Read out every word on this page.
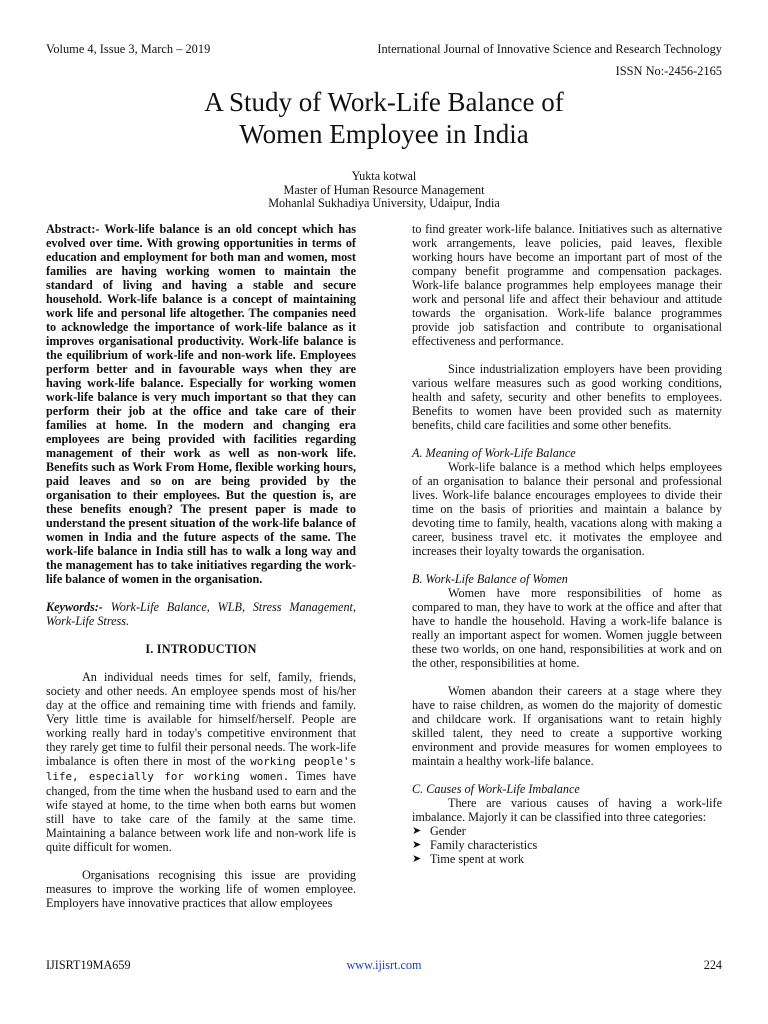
Volume 4, Issue 3, March – 2019	International Journal of Innovative Science and Research Technology
ISSN No:-2456-2165
A Study of Work-Life Balance of
Women Employee in India
Yukta kotwal
Master of Human Resource Management
Mohanlal Sukhadiya University, Udaipur, India

Abstract:- Work-life balance is an old concept which has evolved over time. With growing opportunities in terms of education and employment for both man and women, most families are having working women to maintain the standard of living and having a stable and secure household. Work-life balance is a concept of maintaining work life and personal life altogether. The companies need to acknowledge the importance of work-life balance as it improves organisational productivity. Work-life balance is the equilibrium of work-life and non-work life. Employees perform better and in favourable ways when they are having work-life balance. Especially for working women work-life balance is very much important so that they can perform their job at the office and take care of their families at home. In the modern and changing era employees are being provided with facilities regarding management of their work as well as non-work life. Benefits such as Work From Home, flexible working hours, paid leaves and so on are being provided by the organisation to their employees. But the question is, are these benefits enough? The present paper is made to understand the present situation of the work-life balance of women in India and the future aspects of the same. The work-life balance in India still has to walk a long way and the management has to take initiatives regarding the work-life balance of women in the organisation.

Keywords:- Work-Life Balance, WLB, Stress Management, Work-Life Stress.

I. INTRODUCTION

An individual needs times for self, family, friends, society and other needs. An employee spends most of his/her day at the office and remaining time with friends and family. Very little time is available for himself/herself. People are working really hard in today's competitive environment that they rarely get time to fulfil their personal needs. The work-life imbalance is often there in most of the working people's life, especially for working women. Times have changed, from the time when the husband used to earn and the wife stayed at home, to the time when both earns but women still have to take care of the family at the same time. Maintaining a balance between work life and non-work life is quite difficult for women.

Organisations recognising this issue are providing measures to improve the working life of women employee. Employers have innovative practices that allow employees

to find greater work-life balance. Initiatives such as alternative work arrangements, leave policies, paid leaves, flexible working hours have become an important part of most of the company benefit programme and compensation packages. Work-life balance programmes help employees manage their work and personal life and affect their behaviour and attitude towards the organisation. Work-life balance programmes provide job satisfaction and contribute to organisational effectiveness and performance.

Since industrialization employers have been providing various welfare measures such as good working conditions, health and safety, security and other benefits to employees. Benefits to women have been provided such as maternity benefits, child care facilities and some other benefits.

A. Meaning of Work-Life Balance

Work-life balance is a method which helps employees of an organisation to balance their personal and professional lives. Work-life balance encourages employees to divide their time on the basis of priorities and maintain a balance by devoting time to family, health, vacations along with making a career, business travel etc. it motivates the employee and increases their loyalty towards the organisation.

B. Work-Life Balance of Women

Women have more responsibilities of home as compared to man, they have to work at the office and after that have to handle the household. Having a work-life balance is really an important aspect for women. Women juggle between these two worlds, on one hand, responsibilities at work and on the other, responsibilities at home.

Women abandon their careers at a stage where they have to raise children, as women do the majority of domestic and childcare work. If organisations want to retain highly skilled talent, they need to create a supportive working environment and provide measures for women employees to maintain a healthy work-life balance.

C. Causes of Work-Life Imbalance

There are various causes of having a work-life imbalance. Majorly it can be classified into three categories:

➤ Gender
➤ Family characteristics
➤ Time spent at work
IJISRT19MA659	www.ijisrt.com	224
